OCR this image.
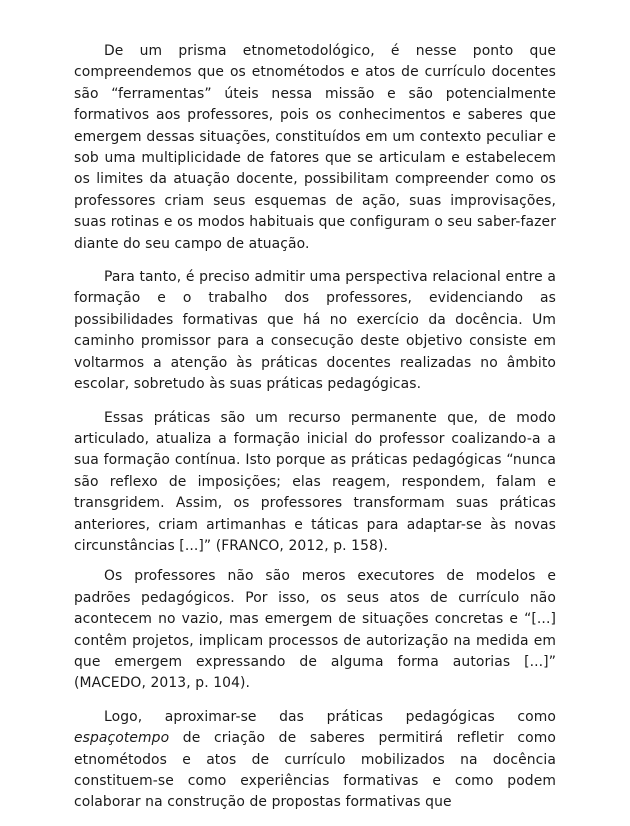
De um prisma etnometodológico, é nesse ponto que compreendemos que os etnométodos e atos de currículo docentes são “ferramentas” úteis nessa missão e são potencialmente formativos aos professores, pois os conhecimentos e saberes que emergem dessas situações, constituídos em um contexto peculiar e sob uma multiplicidade de fatores que se articulam e estabelecem os limites da atuação docente, possibilitam compreender como os professores criam seus esquemas de ação, suas improvisações, suas rotinas e os modos habituais que configuram o seu saber-fazer diante do seu campo de atuação.

Para tanto, é preciso admitir uma perspectiva relacional entre a formação e o trabalho dos professores, evidenciando as possibilidades formativas que há no exercício da docência. Um caminho promissor para a consecução deste objetivo consiste em voltarmos a atenção às práticas docentes realizadas no âmbito escolar, sobretudo às suas práticas pedagógicas.

Essas práticas são um recurso permanente que, de modo articulado, atualiza a formação inicial do professor coalizando-a a sua formação contínua. Isto porque as práticas pedagógicas “nunca são reflexo de imposições; elas reagem, respondem, falam e transgridem. Assim, os professores transformam suas práticas anteriores, criam artimanhas e táticas para adaptar-se às novas circunstâncias [...]” (FRANCO, 2012, p. 158).

Os professores não são meros executores de modelos e padrões pedagógicos. Por isso, os seus atos de currículo não acontecem no vazio, mas emergem de situações concretas e “[...] contêm projetos, implicam processos de autorização na medida em que emergem expressando de alguma forma autorias [...]” (MACEDO, 2013, p. 104).

Logo, aproximar-se das práticas pedagógicas como espaçotempo de criação de saberes permitirá refletir como etnométodos e atos de currículo mobilizados na docência constituem-se como experiências formativas e como podem colaborar na construção de propostas formativas que
